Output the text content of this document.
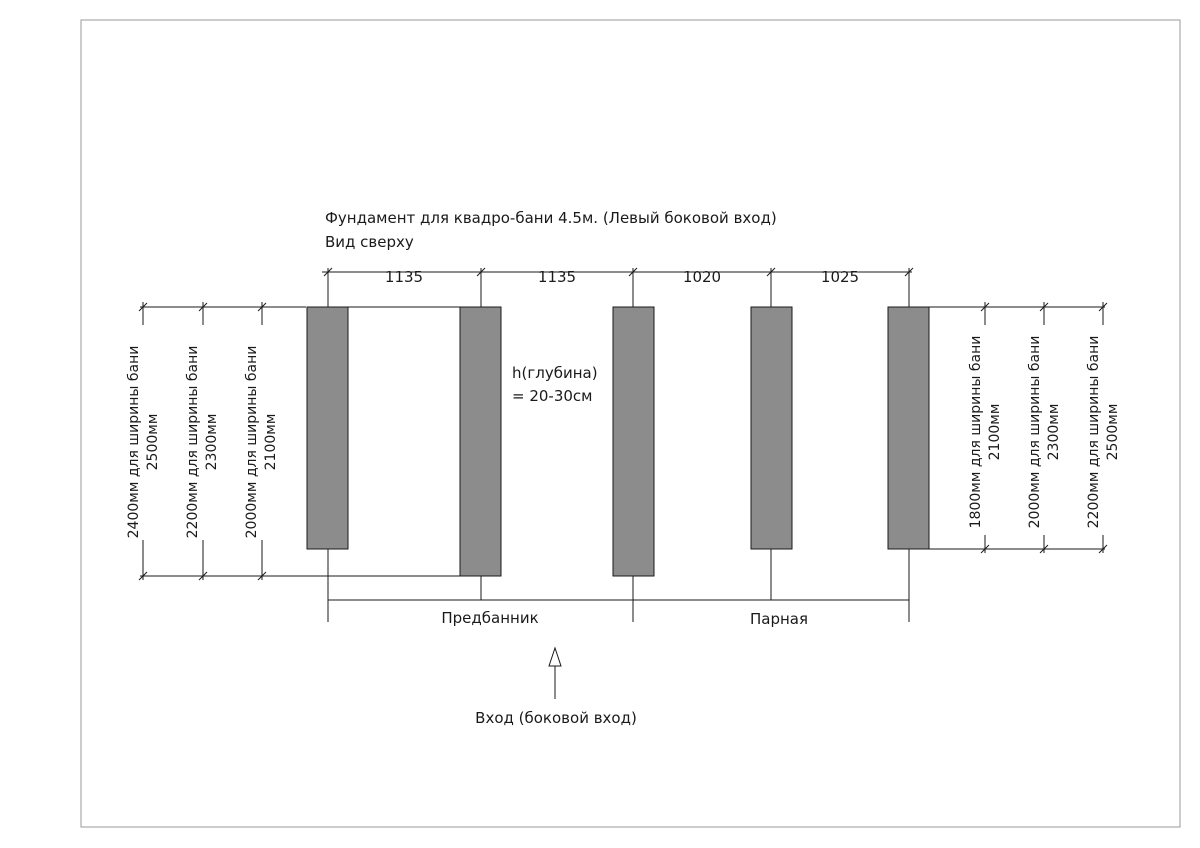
Фундамент для квадро-бани 4.5м. (Левый боковой вход)
Вид сверху
1135	1135	1020	1025
h(глубина)
= 20-30см
2400мм для ширины бани 2500мм 2200мм для ширины бани 2300мм 2000мм для ширины бани 2100мм	1800мм для ширины бани 2100мм 2000мм для ширины бани 2300мм 2200мм для ширины бани 2500мм
Предбанник	Парная
Вход (боковой вход)
